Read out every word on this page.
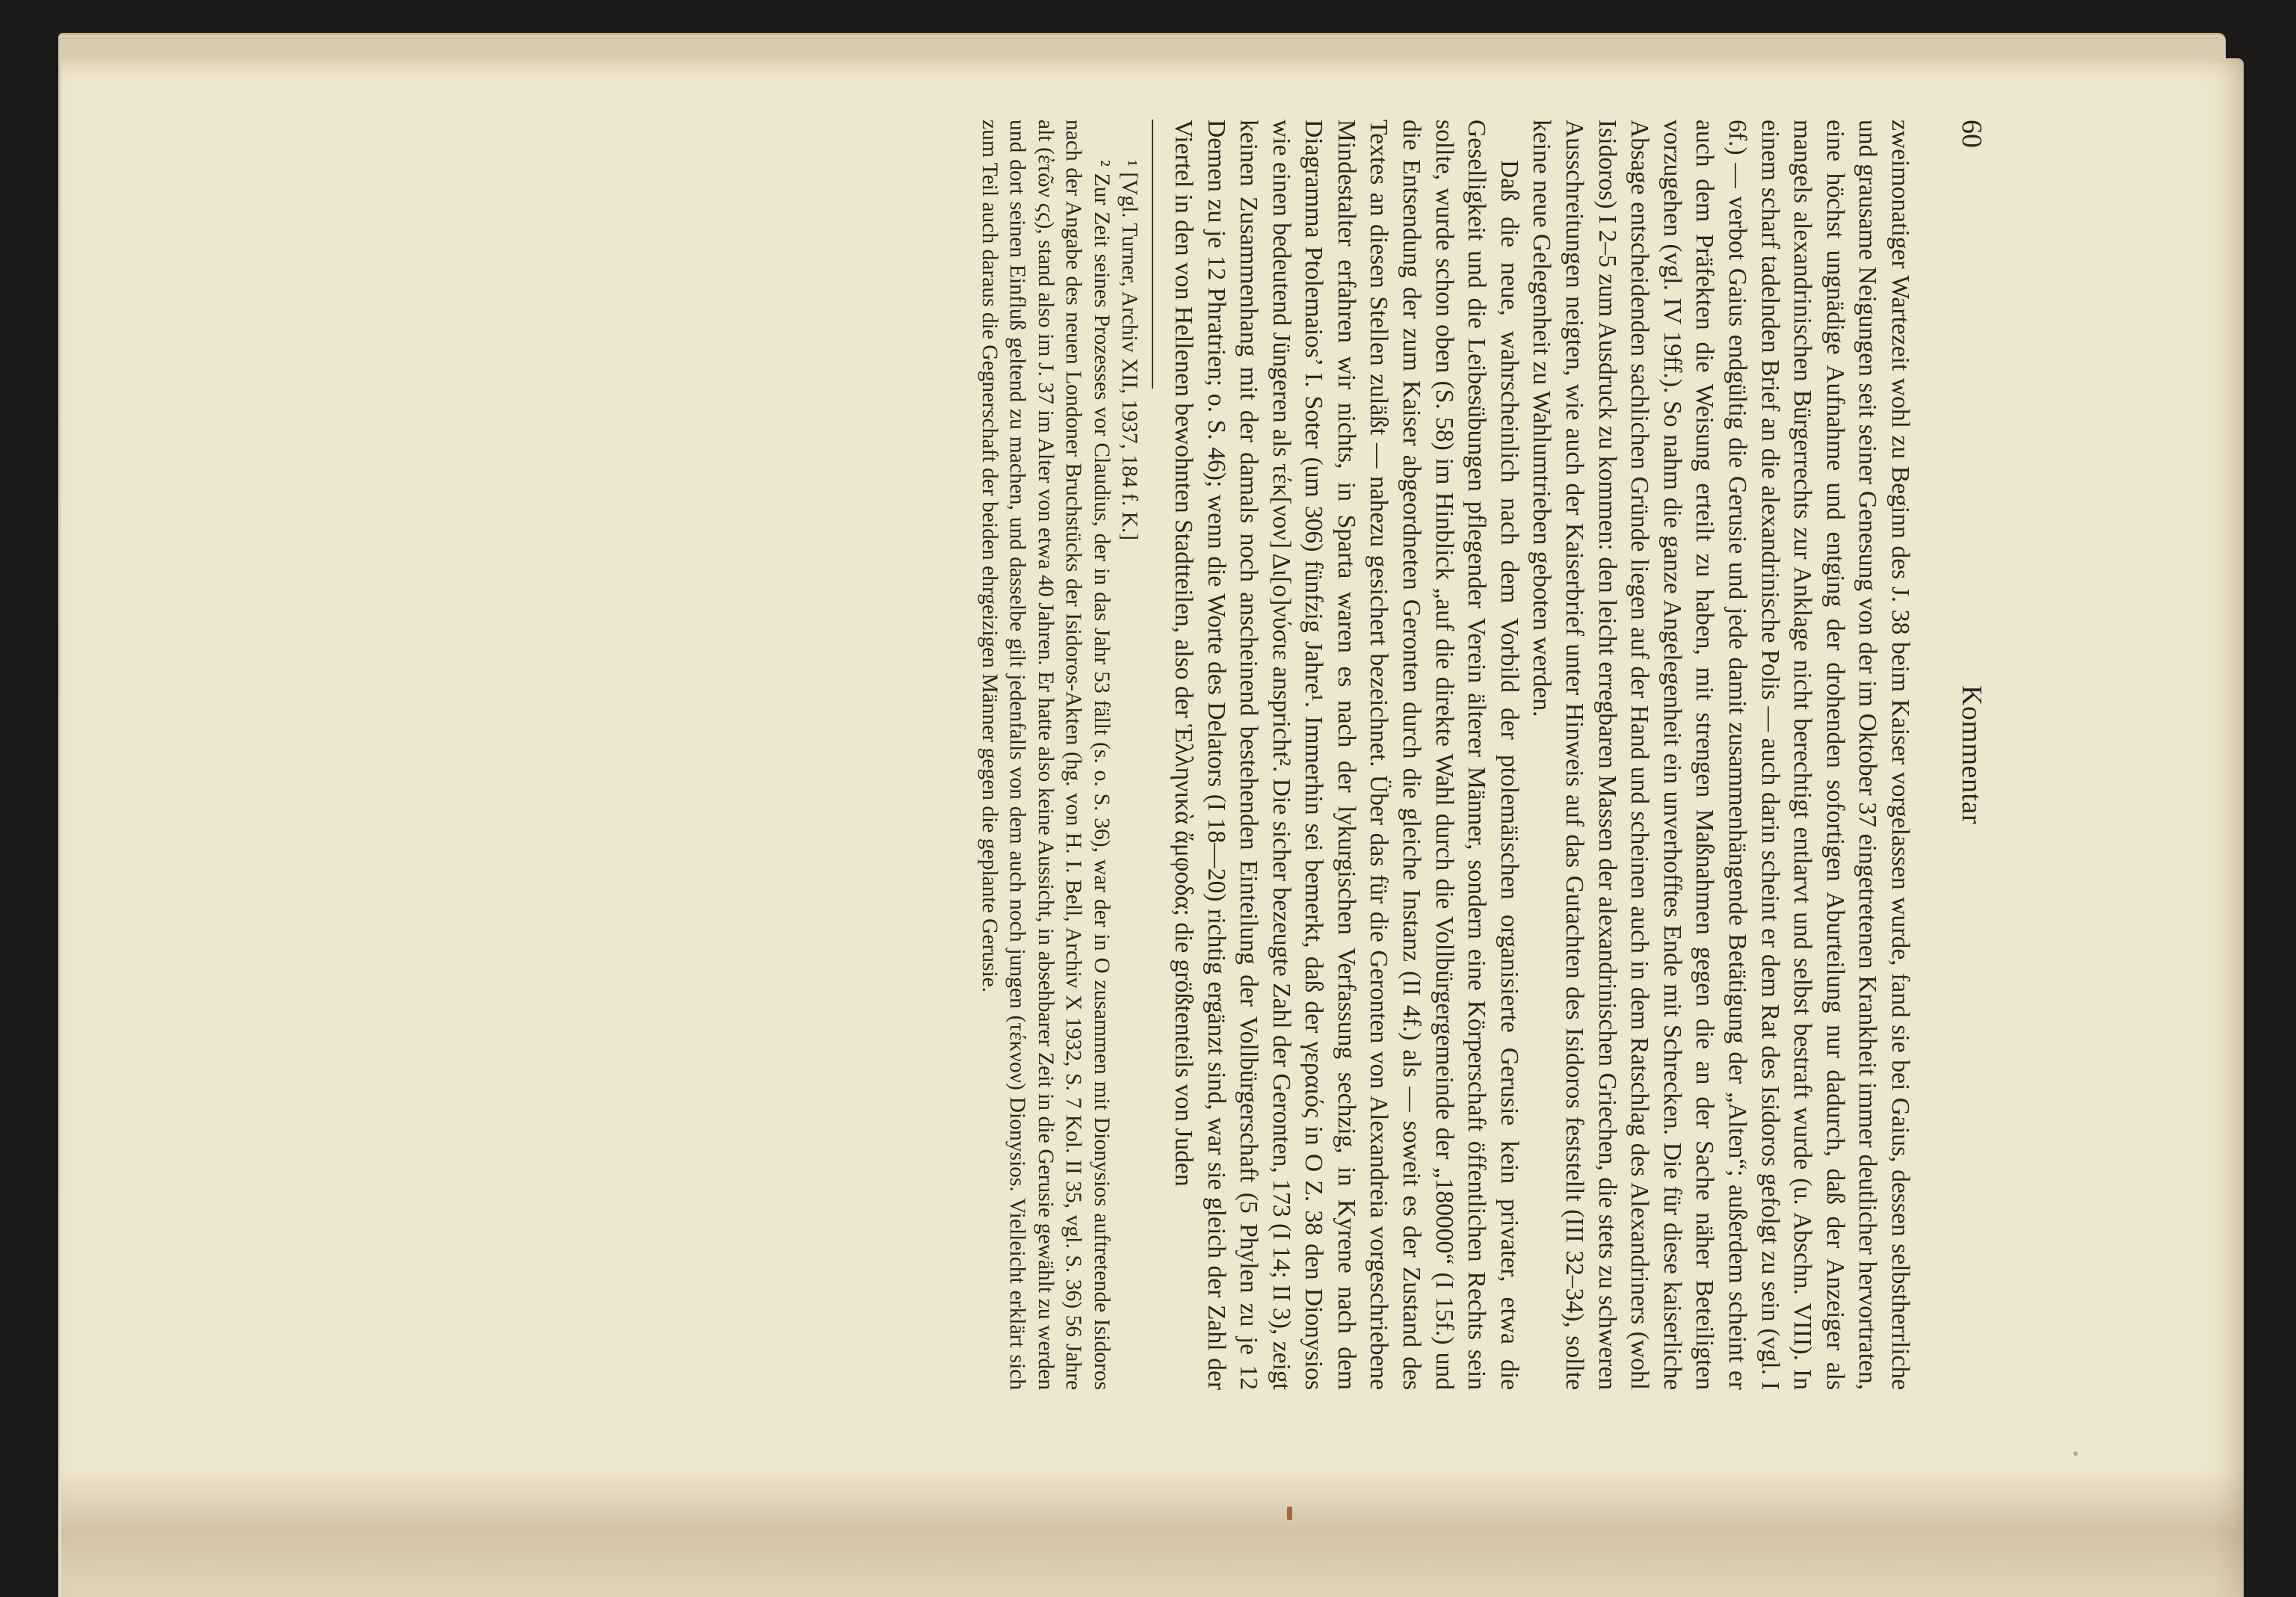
60
Kommentar

zweimonatiger Wartezeit wohl zu Beginn des J. 38 beim Kaiser vorgelassen wurde, fand sie bei Gaius, dessen selbstherrliche und grausame Neigungen seit seiner Genesung von der im Oktober 37 eingetretenen Krankheit immer deutlicher hervortraten, eine höchst ungnädige Aufnahme und entging der drohenden sofortigen Aburteilung nur dadurch, daß der Anzeiger als mangels alexandrinischen Bürgerrechts zur Anklage nicht berechtigt entlarvt und selbst bestraft wurde (u. Abschn. VIII). In einem scharf tadelnden Brief an die alexandrinische Polis — auch darin scheint er dem Rat des Isidoros gefolgt zu sein (vgl. I 6f.) — verbot Gaius endgültig die Gerusie und jede damit zusammenhängende Betätigung der „Alten“; außerdem scheint er auch dem Präfekten die Weisung erteilt zu haben, mit strengen Maßnahmen gegen die an der Sache näher Beteiligten vorzugehen (vgl. IV 19ff.). So nahm die ganze Angelegenheit ein unverhofftes Ende mit Schrecken. Die für diese kaiserliche Absage entscheidenden sachlichen Gründe liegen auf der Hand und scheinen auch in dem Ratschlag des Alexandriners (wohl Isidoros) I 2–5 zum Ausdruck zu kommen: den leicht erregbaren Massen der alexandrinischen Griechen, die stets zu schweren Ausschreitungen neigten, wie auch der Kaiserbrief unter Hinweis auf das Gutachten des Isidoros feststellt (III 32–34), sollte keine neue Gelegenheit zu Wahlumtrieben geboten werden.

Daß die neue, wahrscheinlich nach dem Vorbild der ptolemäischen organisierte Gerusie kein privater, etwa die Geselligkeit und die Leibesübungen pflegender Verein älterer Männer, sondern eine Körperschaft öffentlichen Rechts sein sollte, wurde schon oben (S. 58) im Hinblick „auf die direkte Wahl durch die Vollbürgergemeinde der „180000“ (I 15f.) und die Entsendung der zum Kaiser abgeordneten Geronten durch die gleiche Instanz (II 4f.) als — soweit es der Zustand des Textes an diesen Stellen zuläßt — nahezu gesichert bezeichnet. Über das für die Geronten von Alexandreia vorgeschriebene Mindestalter erfahren wir nichts, in Sparta waren es nach der lykurgischen Verfassung sechzig, in Kyrene nach dem Diagramma Ptolemaios’ I. Soter (um 306) fünfzig Jahre¹. Immerhin sei bemerkt, daß der γεραιός in O Z. 38 den Dionysios wie einen bedeutend Jüngeren als τέκ[νον] Δι[ο]νύσιε anspricht². Die sicher bezeugte Zahl der Geronten, 173 (I 14; II 3), zeigt keinen Zusammenhang mit der damals noch anscheinend bestehenden Einteilung der Vollbürgerschaft (5 Phylen zu je 12 Demen zu je 12 Phratrien; o. S. 46); wenn die Worte des Delators (I 18—20) richtig ergänzt sind, war sie gleich der Zahl der Viertel in den von Hellenen bewohnten Stadtteilen, also der Ἑλληνικὰ ἄμφοδα; die größtenteils von Juden

¹ [Vgl. Turner, Archiv XII, 1937, 184 f. K.]

² Zur Zeit seines Prozesses vor Claudius, der in das Jahr 53 fällt (s. o. S. 36), war der in O zusammen mit Dionysios auftretende Isidoros nach der Angabe des neuen Londoner Bruchstücks der Isidoros-Akten (hg. von H. I. Bell, Archiv X 1932, S. 7 Kol. II 35, vgl. S. 36) 56 Jahre alt (ἐτῶν ϛϛ), stand also im J. 37 im Alter von etwa 40 Jahren. Er hatte also keine Aussicht, in absehbarer Zeit in die Gerusie gewählt zu werden und dort seinen Einfluß geltend zu machen, und dasselbe gilt jedenfalls von dem auch noch jungen (τέκνον) Dionysios. Vielleicht erklärt sich zum Teil auch daraus die Gegnerschaft der beiden ehrgeizigen Männer gegen die geplante Gerusie.
